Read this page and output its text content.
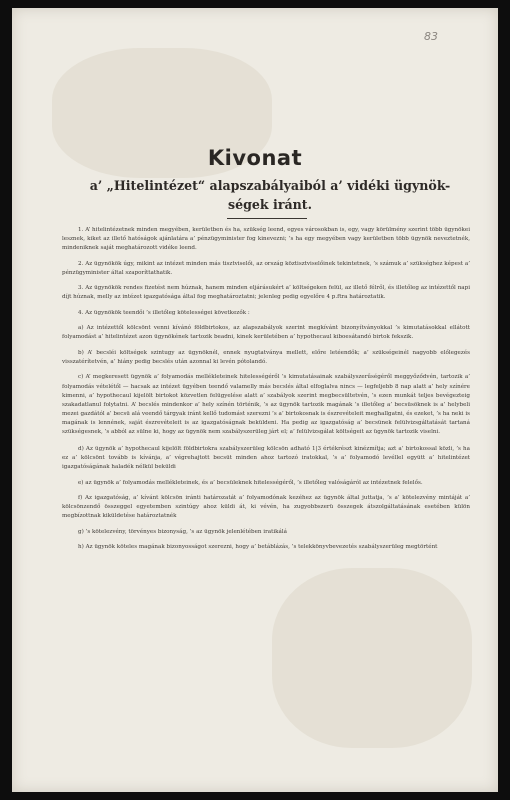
83
Kivonat
a’ „Hitelintézet“ alapszabályaiból a’ vidéki ügynök-ségek iránt.

1. A’ hitelintézetnek minden megyében, kerületben és ha, szükség leend, egyes városokban is, egy, vagy körülmény szerint több ügynökei lesznek, kiket az illető hatóságok ajánlatára a’ pénzügyminister fog kinevezni; ’s ha egy megyében vagy kerületben több ügynök neveztetnék, mindeniknek saját meghatározott vidéke leend.

2. Az ügynökök úgy, mikint az intézet minden más tisztviselői, az ország köztisztviselőinek tekintetnek, ’s számuk a’ szükséghez képest a’ pénzügyminister által szaporíttathatik.

3. Az ügynökök rendes fizetést nem húznak, hanem minden eljárásukért a’ költségeken felül, az illető félről, és illetőleg az intézettől napi díjt húznak, melly az intézet igazgatósága által fog meghatároztatni; jelenleg pedig egyelőre 4 p.ftra határoztatik.

4. Az ügynökök teendői ’s illetőleg kötelességei következők :

a) Az intézettől kölcsönt venni kívánó földbirtokos, az alapszabályok szerint megkívánt bizonyítványokkal ’s kimutatásokkal ellátott folyamodást a’ hitelintézet azon ügynökének tartozik beadni, kinek kerületében a’ hypothecaul kiboesátandó birtok fekszik.

b) A’ becsléi költségek szintugy az ügynöknél, ennek nyugtatványa mellett, előre letéendők; a’ szükségeinél nagyobb előlegezés visszatérítetvén, a’ hiány pedig becslés után azonnal ki levén pótolandó.

c) A’ megkeresett ügynök a’ folyamodás mellékleteinek hitelességéről ’s kimutatásainak szabályszerűségéről meggyőződvén, tartozik a’ folyamodás vételétől — hacsak az intézet ügyében teendő valamelly más becslés által elfoglalva nincs — legfeljebb 8 nap alatt a’ hely színére kimenni, a’ hypothecaul kijelölt birtokot közvetlen felügyelése alatt a’ szabályok szerint megbecsültetvén, ’s ezen munkát teljes bevégezteig szakadatlanul folytatni. A’ becslés mindenkor a’ hely színén történik, ’s az ügynök tartozik magának ’s illetőleg a’ becsüsöknek is a’ helybeli mezei gazdától a’ becsü alá veendő tárgyak iránt kellő tudomást szerezni ’s a’ birtokosnak is észrevételeit meghallgatni, és ezeket, ’s ha neki is magának is lennének, saját észrevételeit is az igazgatóságnak beküldeni. Ha pedig az igazgatóság a’ becsünek felülvizsgáltatását tartaná szükségesnek, ’s abból az sülne ki, hogy az ügynök nem szabályszerüleg járt el; a’ felülvizsgálat költségeit az ügynök tartozik viselni.

d) Az ügynök a’ hypothecaul kijelölt földbirtokra szabályszerüleg kölcsön adható 1|3 értékrészt kinézmítja; azt a’ birtokossal közli, ’s ha ez a’ kölcsönt tovább is kívánja, a’ végrehajtott becsüt minden ahoz tartozó iratokkal, ’s a’ folyamodó levéllel együtt a’ hitelintézet igazgatóságának haladék nélkül beküldi

e) az ügynök a’ folyamodás mellékleteinek, és a’ becsüleknek hitelességéről, ’s illetőleg valóságáról az intézetnek felelős.

f) Az igazgatóság, a’ kívánt kölcsön iránti határozatát a’ folyamodónak kezéhez az ügynök által juttatja, ’s a’ kötelezvény mintáját a’ kölcsönzendő összeggel egyetemben szintúgy ahoz küldi át, ki vévén, ha zugyobbszerü összegek átszolgáltatásának esetében külön megbízottnak kiküldetése határoztatnék

g) ’s kötelezvény, törvényes bizonyság, ’s az ügynök jelenlétében iratikálá

h) Az ügynök köteles magának bizonyosságot szerezni, hogy a’ betáblázás, ’s telekkönyvbevezetés szabályszerüleg megtörtént
